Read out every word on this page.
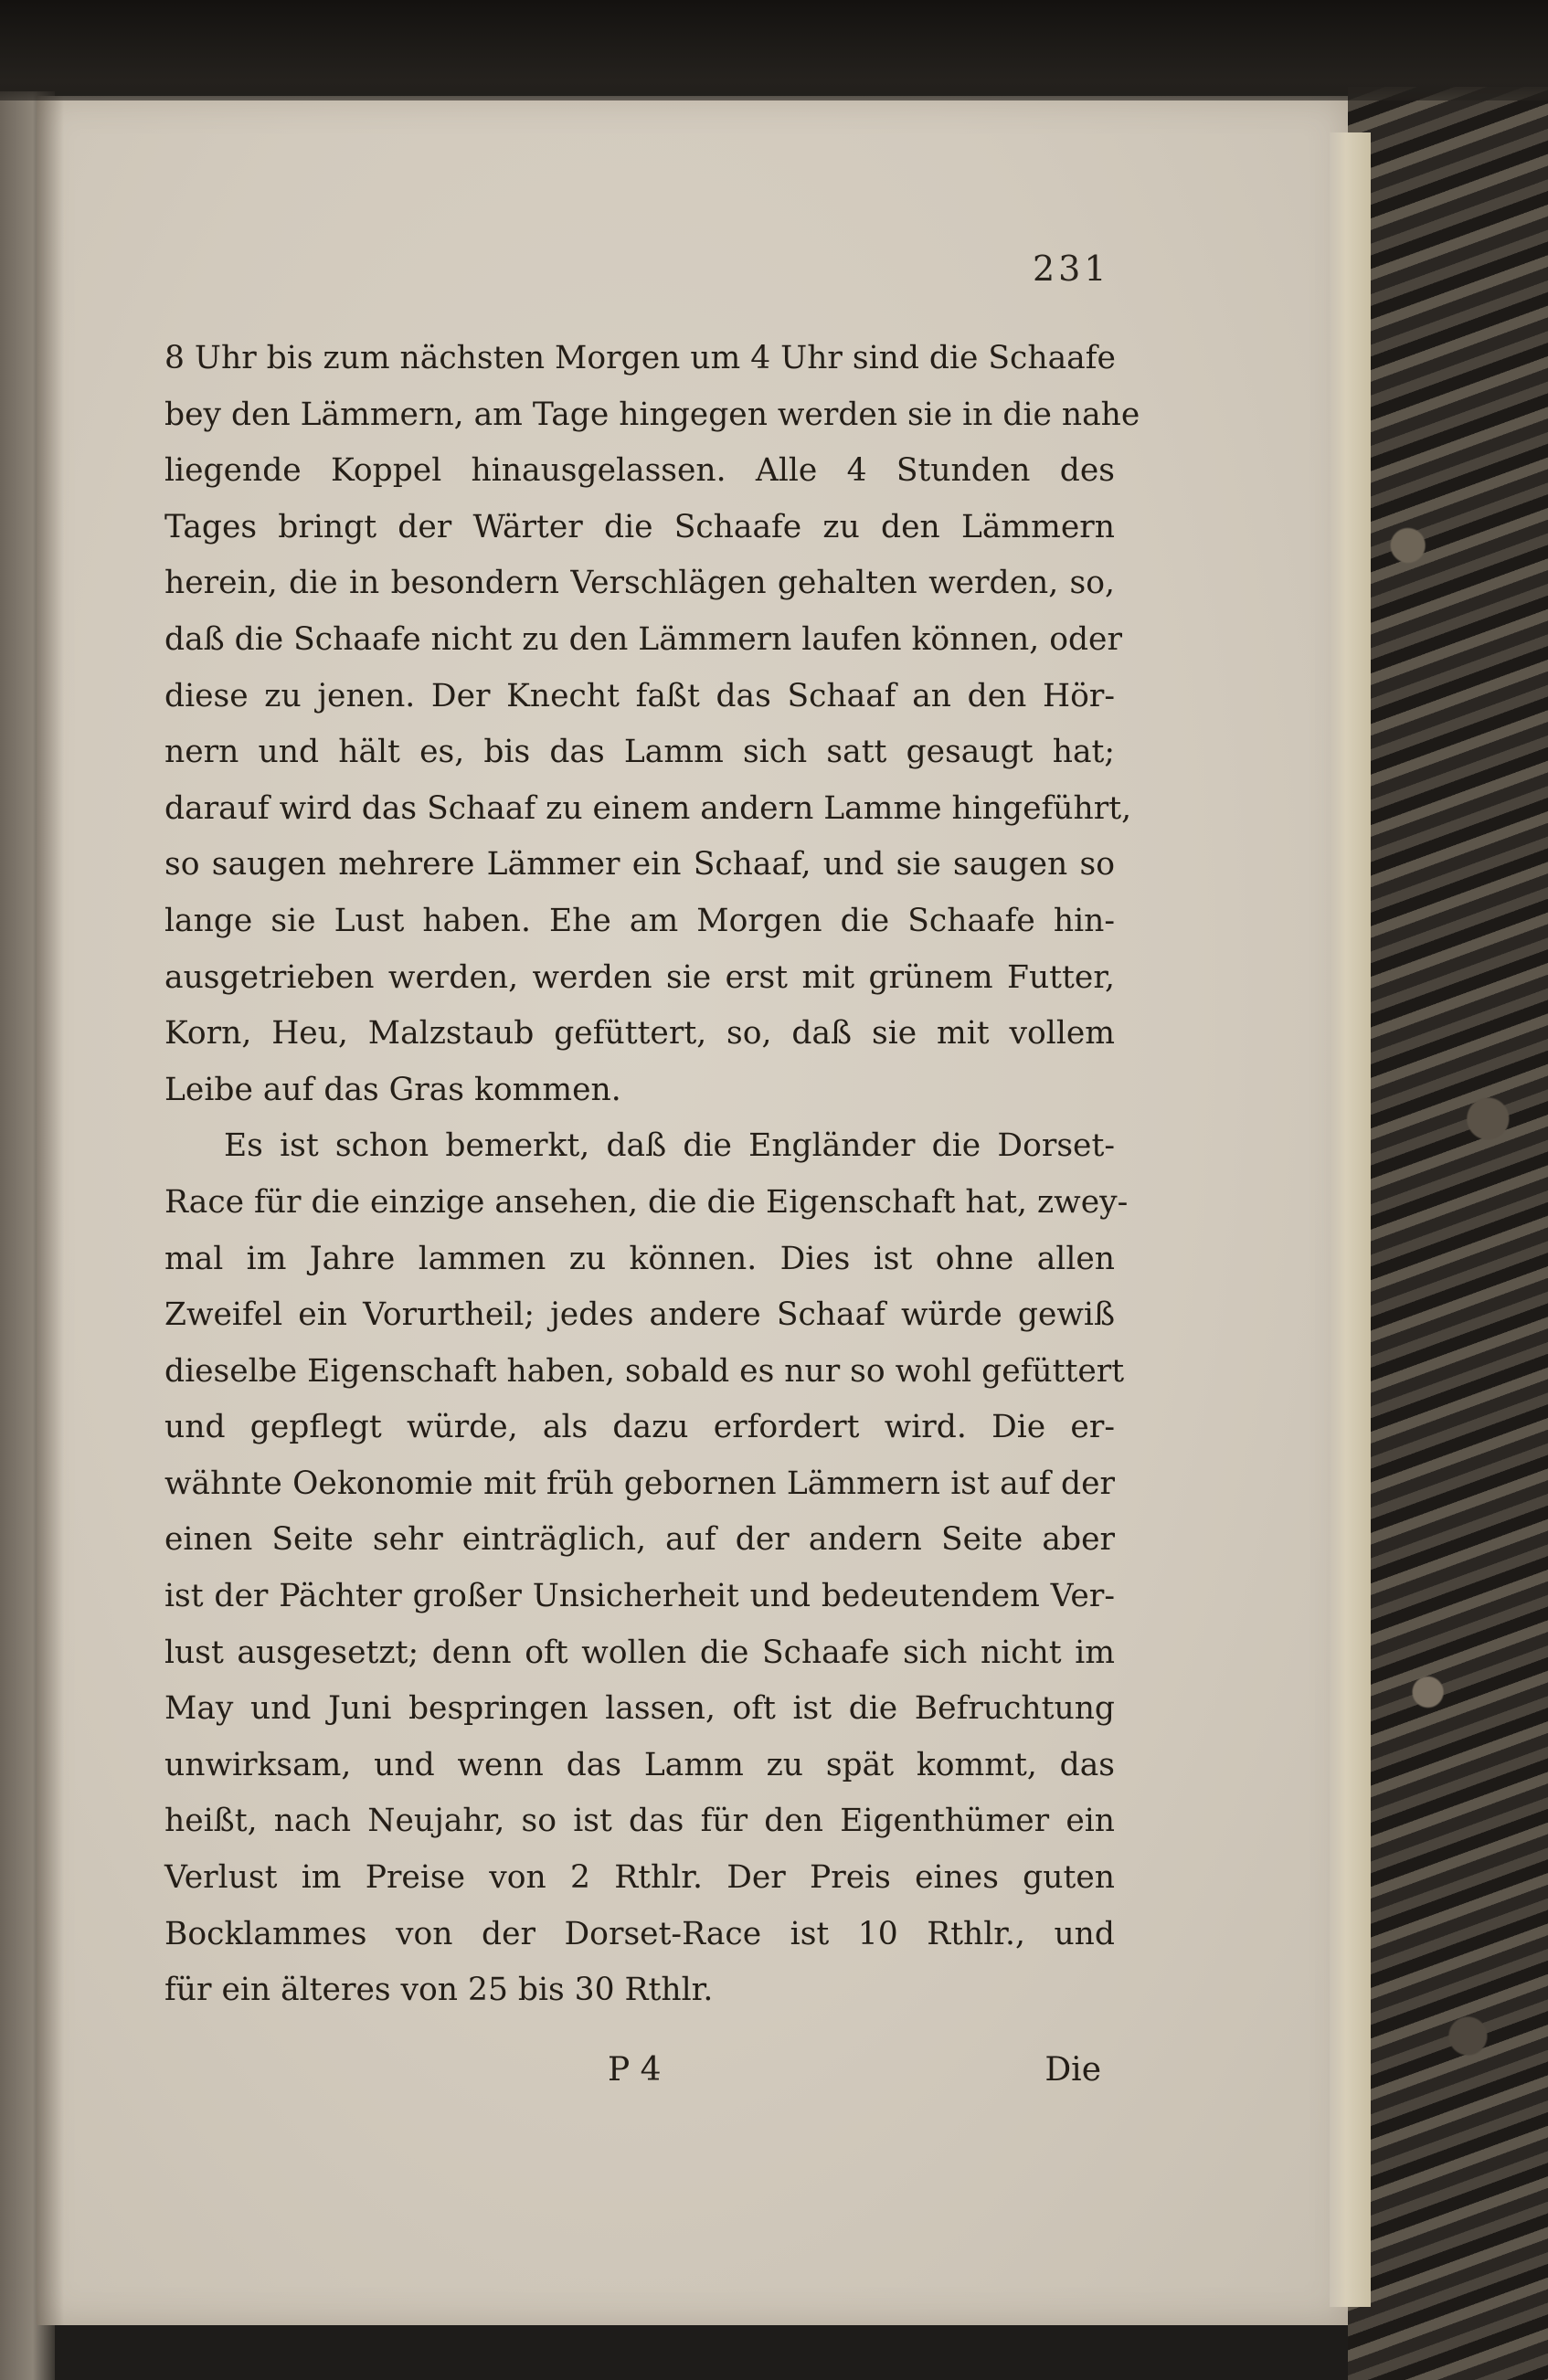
231
8 Uhr bis zum nächsten Morgen um 4 Uhr sind die Schaafe
bey den Lämmern, am Tage hingegen werden sie in die nahe
liegende Koppel hinausgelassen. Alle 4 Stunden des
Tages bringt der Wärter die Schaafe zu den Lämmern
herein, die in besondern Verschlägen gehalten werden, so,
daß die Schaafe nicht zu den Lämmern laufen können, oder
diese zu jenen. Der Knecht faßt das Schaaf an den Hör-
nern und hält es, bis das Lamm sich satt gesaugt hat;
darauf wird das Schaaf zu einem andern Lamme hingeführt,
so saugen mehrere Lämmer ein Schaaf, und sie saugen so
lange sie Lust haben. Ehe am Morgen die Schaafe hin-
ausgetrieben werden, werden sie erst mit grünem Futter,
Korn, Heu, Malzstaub gefüttert, so, daß sie mit vollem
Leibe auf das Gras kommen.
Es ist schon bemerkt, daß die Engländer die Dorset-
Race für die einzige ansehen, die die Eigenschaft hat, zwey-
mal im Jahre lammen zu können. Dies ist ohne allen
Zweifel ein Vorurtheil; jedes andere Schaaf würde gewiß
dieselbe Eigenschaft haben, sobald es nur so wohl gefüttert
und gepflegt würde, als dazu erfordert wird. Die er-
wähnte Oekonomie mit früh gebornen Lämmern ist auf der
einen Seite sehr einträglich, auf der andern Seite aber
ist der Pächter großer Unsicherheit und bedeutendem Ver-
lust ausgesetzt; denn oft wollen die Schaafe sich nicht im
May und Juni bespringen lassen, oft ist die Befruchtung
unwirksam, und wenn das Lamm zu spät kommt, das
heißt, nach Neujahr, so ist das für den Eigenthümer ein
Verlust im Preise von 2 Rthlr. Der Preis eines guten
Bocklammes von der Dorset-Race ist 10 Rthlr., und
für ein älteres von 25 bis 30 Rthlr.
P 4	Die
